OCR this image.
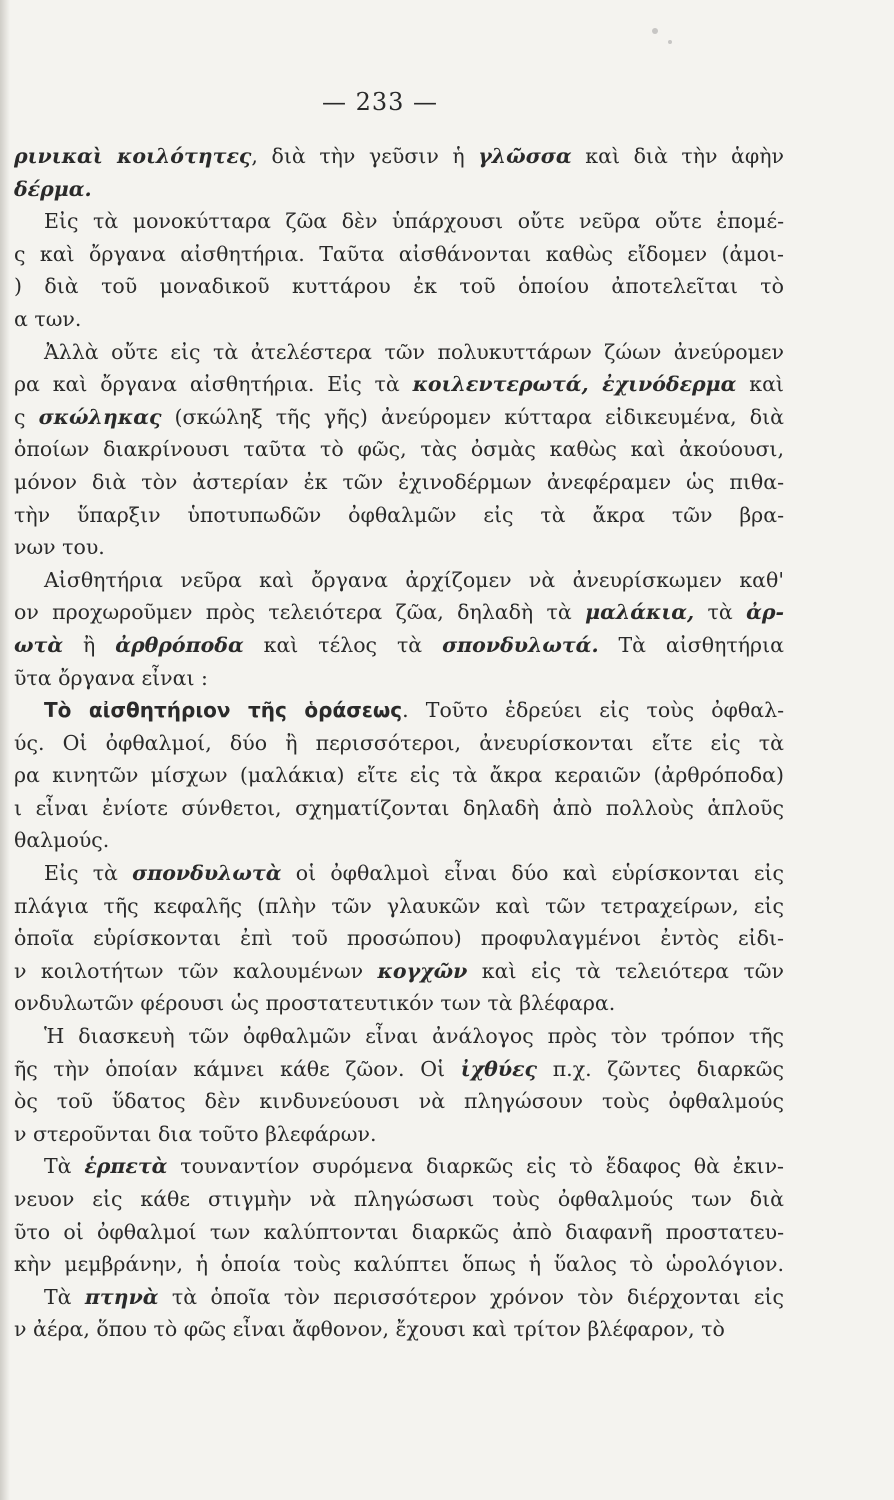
— 233 —
ρινικαὶ κοιλότητες, διὰ τὴν γεῦσιν ἡ γλῶσσα καὶ διὰ τὴν ἁφὴν
δέρμα.
Εἰς τὰ μονοκύτταρα ζῶα δὲν ὑπάρχουσι οὔτε νεῦρα οὔτε ἑπομέ-
ς καὶ ὄργανα αἰσθητήρια. Ταῦτα αἰσθάνονται καθὼς εἴδομεν (ἀμοι-
) διὰ τοῦ μοναδικοῦ κυττάρου ἐκ τοῦ ὁποίου ἀποτελεῖται τὸ
α των.
Ἀλλὰ οὔτε εἰς τὰ ἀτελέστερα τῶν πολυκυττάρων ζώων ἀνεύρομεν
ρα καὶ ὄργανα αἰσθητήρια. Εἰς τὰ κοιλεντερωτά, ἐχινόδερμα καὶ
ς σκώληκας (σκώληξ τῆς γῆς) ἀνεύρομεν κύτταρα εἰδικευμένα, διὰ
ὁποίων διακρίνουσι ταῦτα τὸ φῶς, τὰς ὀσμὰς καθὼς καὶ ἀκούουσι,
μόνον διὰ τὸν ἀστερίαν ἐκ τῶν ἐχινοδέρμων ἀνεφέραμεν ὡς πιθα-
τὴν ὕπαρξιν ὑποτυπωδῶν ὀφθαλμῶν εἰς τὰ ἄκρα τῶν βρα-
νων του.
Αἰσθητήρια νεῦρα καὶ ὄργανα ἀρχίζομεν νὰ ἀνευρίσκωμεν καθ'
ον προχωροῦμεν πρὸς τελειότερα ζῶα, δηλαδὴ τὰ μαλάκια, τὰ ἀρ-
ωτὰ ἢ ἀρθρόποδα καὶ τέλος τὰ σπονδυλωτά. Τὰ αἰσθητήρια
ῦτα ὄργανα εἶναι :
Τὸ αἰσθητήριον τῆς ὁράσεως. Τοῦτο ἑδρεύει εἰς τοὺς ὀφθαλ-
ύς. Οἱ ὀφθαλμοί, δύο ἢ περισσότεροι, ἀνευρίσκονται εἴτε εἰς τὰ
ρα κινητῶν μίσχων (μαλάκια) εἴτε εἰς τὰ ἄκρα κεραιῶν (ἀρθρόποδα)
ι εἶναι ἐνίοτε σύνθετοι, σχηματίζονται δηλαδὴ ἀπὸ πολλοὺς ἁπλοῦς
θαλμούς.
Εἰς τὰ σπονδυλωτὰ οἱ ὀφθαλμοὶ εἶναι δύο καὶ εὑρίσκονται εἰς
πλάγια τῆς κεφαλῆς (πλὴν τῶν γλαυκῶν καὶ τῶν τετραχείρων, εἰς
ὁποῖα εὑρίσκονται ἐπὶ τοῦ προσώπου) προφυλαγμένοι ἐντὸς εἰδι-
ν κοιλοτήτων τῶν καλουμένων κογχῶν καὶ εἰς τὰ τελειότερα τῶν
ονδυλωτῶν φέρουσι ὡς προστατευτικόν των τὰ βλέφαρα.
Ἡ διασκευὴ τῶν ὀφθαλμῶν εἶναι ἀνάλογος πρὸς τὸν τρόπον τῆς
ῆς τὴν ὁποίαν κάμνει κάθε ζῶον. Οἱ ἰχθύες π.χ. ζῶντες διαρκῶς
ὸς τοῦ ὕδατος δὲν κινδυνεύουσι νὰ πληγώσουν τοὺς ὀφθαλμούς
ν στεροῦνται δια τοῦτο βλεφάρων.
Τὰ ἑρπετὰ τουναντίον συρόμενα διαρκῶς εἰς τὸ ἔδαφος θὰ ἐκιν-
νευον εἰς κάθε στιγμὴν νὰ πληγώσωσι τοὺς ὀφθαλμούς των διὰ
ῦτο οἱ ὀφθαλμοί των καλύπτονται διαρκῶς ἀπὸ διαφανῆ προστατευ-
κὴν μεμβράνην, ἡ ὁποία τοὺς καλύπτει ὅπως ἡ ὕαλος τὸ ὡρολόγιον.
Τὰ πτηνὰ τὰ ὁποῖα τὸν περισσότερον χρόνον τὸν διέρχονται εἰς
ν ἀέρα, ὅπου τὸ φῶς εἶναι ἄφθονον, ἔχουσι καὶ τρίτον βλέφαρον, τὸ
